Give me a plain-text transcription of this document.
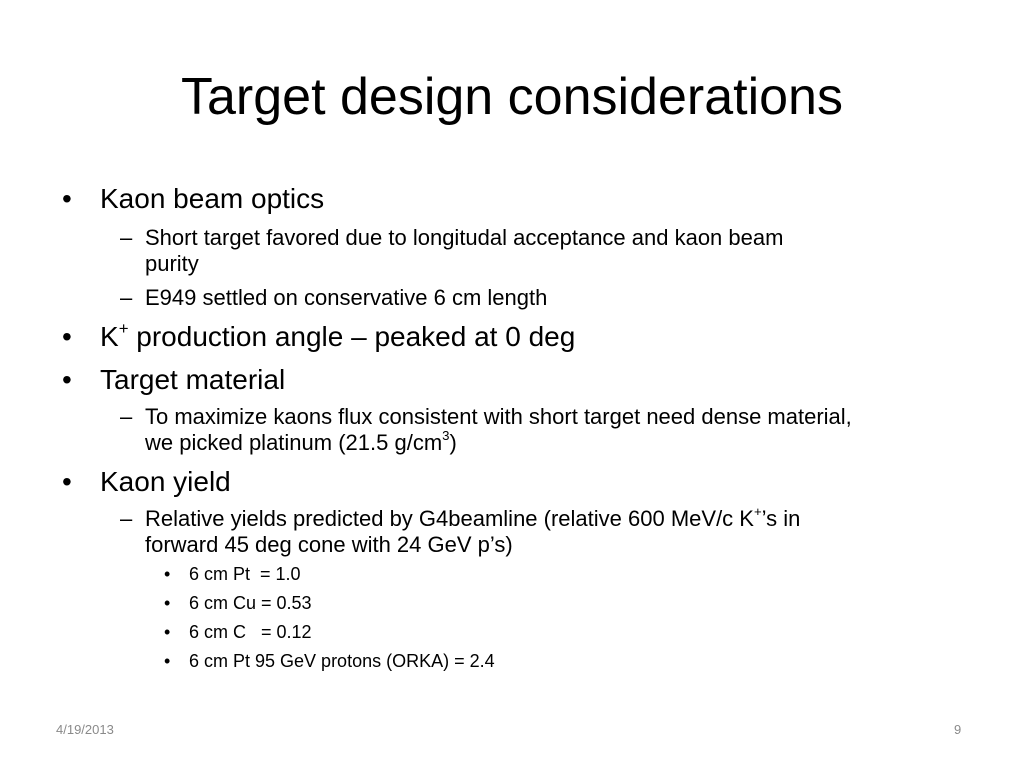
Target design considerations
• Kaon beam optics
– Short target favored due to longitudal acceptance and kaon beam
purity
– E949 settled on conservative 6 cm length
• K+ production angle – peaked at 0 deg
• Target material
– To maximize kaons flux consistent with short target need dense material,
we picked platinum (21.5 $g/cm^3$)
• Kaon yield
– Relative yields predicted by G4beamline (relative 600 MeV/c K+’s in
forward 45 deg cone with 24 GeV p’s)
• 6 cm Pt  = 1.0
• 6 cm Cu = 0.53
• 6 cm C   = 0.12
• 6 cm Pt 95 GeV protons (ORKA) = 2.4
4/19/2013	9
